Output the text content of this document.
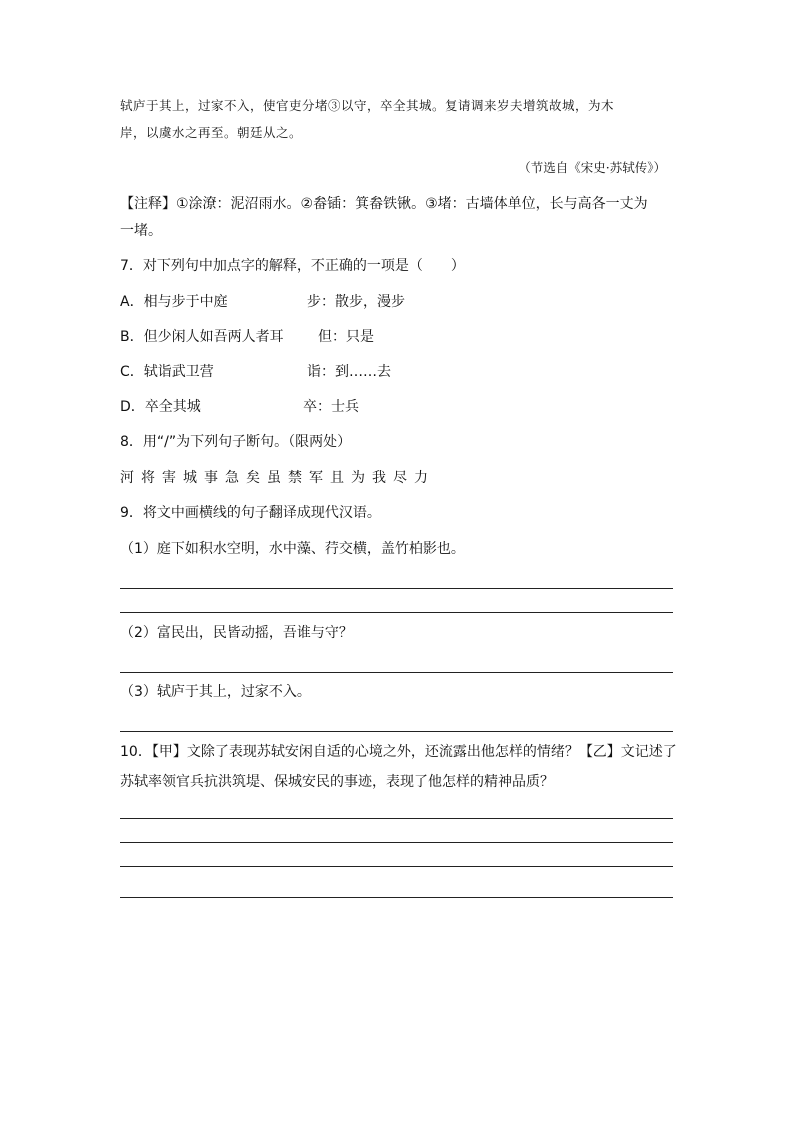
轼庐于其上，过家不入，使官吏分堵③以守，卒全其城。复请调来岁夫增筑故城，为木
岸，以虞水之再至。朝廷从之。
（节选自《宋史·苏轼传》）
【注释】①涂潦：泥沼雨水。②畚锸：箕畚铁锹。③堵：古墙体单位，长与高各一丈为
一堵。
7．对下列句中加点字的解释，不正确的一项是（　　）
A．相与步于中庭	步：散步，漫步
B．但少闲人如吾两人者耳 但：只是
C．轼诣武卫营	诣：到……去
D．卒全其城	卒：士兵
8．用“/”为下列句子断句。（限两处）
河将害城事急矣虽禁军且为我尽力
9．将文中画横线的句子翻译成现代汉语。
（1）庭下如积水空明，水中藻、荇交横，盖竹柏影也。
（2）富民出，民皆动摇，吾谁与守？
（3）轼庐于其上，过家不入。
10．【甲】文除了表现苏轼安闲自适的心境之外，还流露出他怎样的情绪？【乙】文记述了
苏轼率领官兵抗洪筑堤、保城安民的事迹，表现了他怎样的精神品质？
